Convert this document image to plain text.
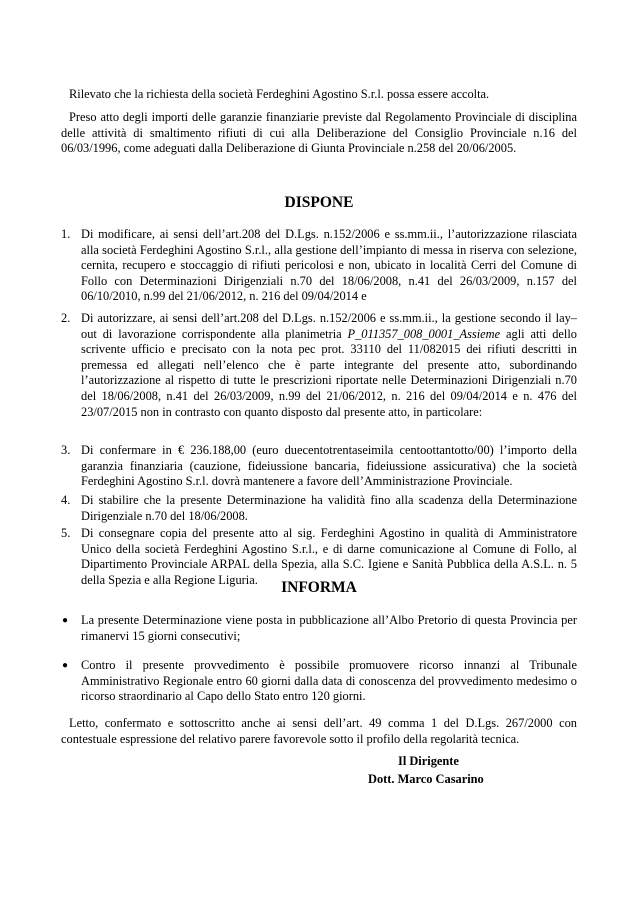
Rilevato che la richiesta della società Ferdeghini Agostino S.r.l. possa essere accolta.

Preso atto degli importi delle garanzie finanziarie previste dal Regolamento Provinciale di disciplina delle attività di smaltimento rifiuti di cui alla Deliberazione del Consiglio Provinciale n.16 del 06/03/1996, come adeguati dalla Deliberazione di Giunta Provinciale n.258 del 20/06/2005.

DISPONE

1. Di modificare, ai sensi dell’art.208 del D.Lgs. n.152/2006 e ss.mm.ii., l’autorizzazione rilasciata alla società Ferdeghini Agostino S.r.l., alla gestione dell’impianto di messa in riserva con selezione, cernita, recupero e stoccaggio di rifiuti pericolosi e non, ubicato in località Cerri del Comune di Follo con Determinazioni Dirigenziali n.70 del 18/06/2008, n.41 del 26/03/2009, n.157 del 06/10/2010, n.99 del 21/06/2012, n. 216 del 09/04/2014 e
2. Di autorizzare, ai sensi dell’art.208 del D.Lgs. n.152/2006 e ss.mm.ii., la gestione secondo il lay–out di lavorazione corrispondente alla planimetria P_011357_008_0001_Assieme agli atti dello scrivente ufficio e precisato con la nota pec prot. 33110 del 11/082015 dei rifiuti descritti in premessa ed allegati nell’elenco che è parte integrante del presente atto, subordinando l’autorizzazione al rispetto di tutte le prescrizioni riportate nelle Determinazioni Dirigenziali n.70 del 18/06/2008, n.41 del 26/03/2009, n.99 del 21/06/2012, n. 216 del 09/04/2014 e n. 476 del 23/07/2015 non in contrasto con quanto disposto dal presente atto, in particolare:
3. Di confermare in € 236.188,00 (euro duecentotrentaseimila centoottantotto/00) l’importo della garanzia finanziaria (cauzione, fideiussione bancaria, fideiussione assicurativa) che la società Ferdeghini Agostino S.r.l. dovrà mantenere a favore dell’Amministrazione Provinciale.
4. Di stabilire che la presente Determinazione ha validità fino alla scadenza della Determinazione Dirigenziale n.70 del 18/06/2008.
5. Di consegnare copia del presente atto al sig. Ferdeghini Agostino in qualità di Amministratore Unico della società Ferdeghini Agostino S.r.l., e di darne comunicazione al Comune di Follo, al Dipartimento Provinciale ARPAL della Spezia, alla S.C. Igiene e Sanità Pubblica della A.S.L. n. 5 della Spezia e alla Regione Liguria.	INFORMA

● La presente Determinazione viene posta in pubblicazione all’Albo Pretorio di questa Provincia per rimanervi 15 giorni consecutivi;
● Contro il presente provvedimento è possibile promuovere ricorso innanzi al Tribunale Amministrativo Regionale entro 60 giorni dalla data di conoscenza del provvedimento medesimo o ricorso straordinario al Capo dello Stato entro 120 giorni.

Letto, confermato e sottoscritto anche ai sensi dell’art. 49 comma 1 del D.Lgs. 267/2000 con contestuale espressione del relativo parere favorevole sotto il profilo della regolarità tecnica.

Il Dirigente
Dott. Marco Casarino
